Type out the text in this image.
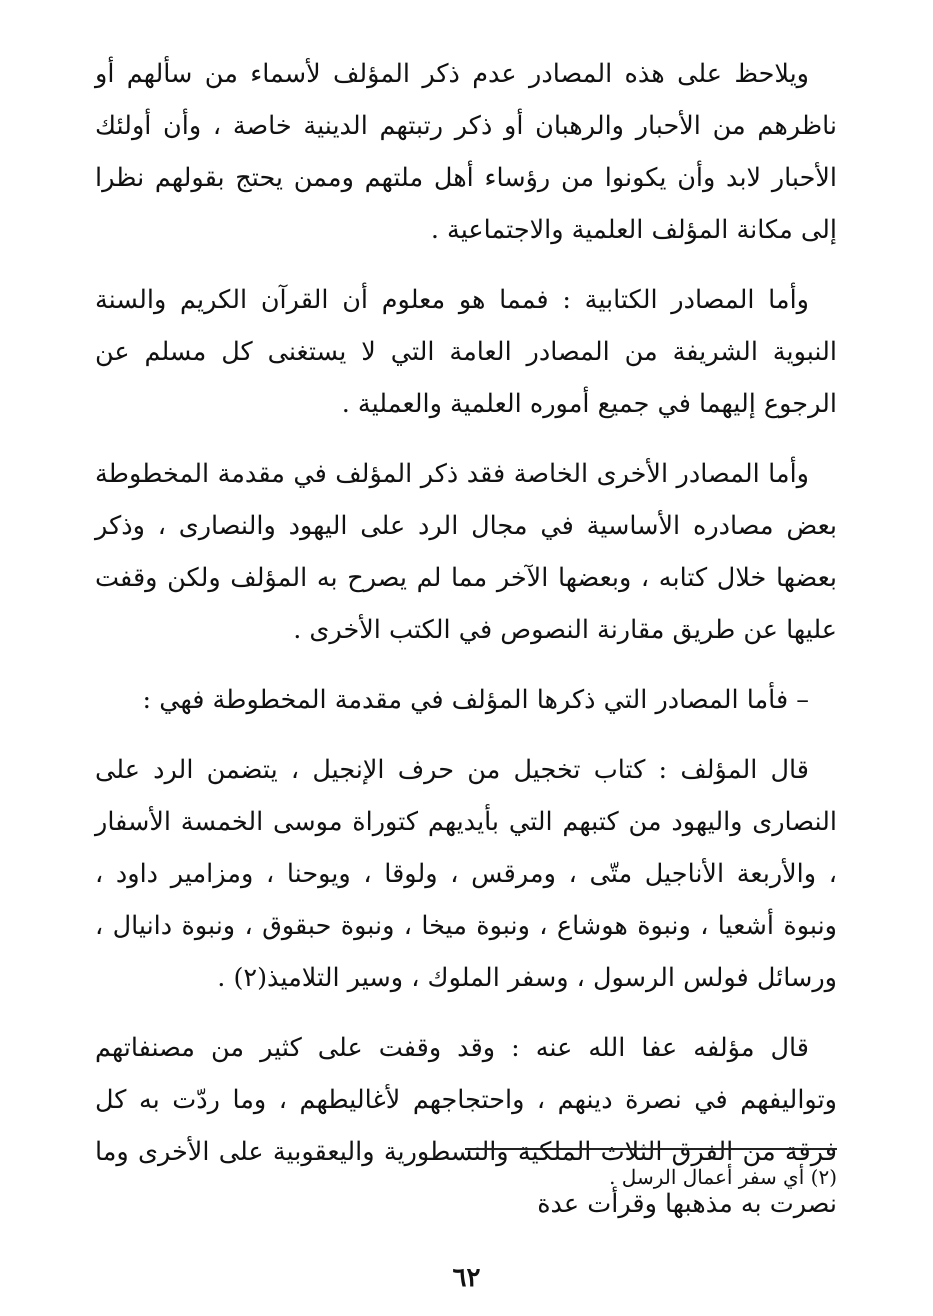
ويلاحظ على هذه المصادر عدم ذكر المؤلف لأسماء من سألهم أو ناظرهم من الأحبار والرهبان أو ذكر رتبتهم الدينية خاصة ، وأن أولئك الأحبار لابد وأن يكونوا من رؤساء أهل ملتهم وممن يحتج بقولهم نظرا إلى مكانة المؤلف العلمية والاجتماعية .

وأما المصادر الكتابية : فمما هو معلوم أن القرآن الكريم والسنة النبوية الشريفة من المصادر العامة التي لا يستغنى كل مسلم عن الرجوع إليهما في جميع أموره العلمية والعملية .

وأما المصادر الأخرى الخاصة فقد ذكر المؤلف في مقدمة المخطوطة بعض مصادره الأساسية في مجال الرد على اليهود والنصارى ، وذكر بعضها خلال كتابه ، وبعضها الآخر مما لم يصرح به المؤلف ولكن وقفت عليها عن طريق مقارنة النصوص في الكتب الأخرى .

– فأما المصادر التي ذكرها المؤلف في مقدمة المخطوطة فهي :

قال المؤلف : كتاب تخجيل من حرف الإنجيل ، يتضمن الرد على النصارى واليهود من كتبهم التي بأيديهم كتوراة موسى الخمسة الأسفار ، والأربعة الأناجيل متّى ، ومرقس ، ولوقا ، ويوحنا ، ومزامير داود ، ونبوة أشعيا ، ونبوة هوشاع ، ونبوة ميخا ، ونبوة حبقوق ، ونبوة دانيال ، ورسائل فولس الرسول ، وسفر الملوك ، وسير التلاميذ(٢) .

قال مؤلفه عفا الله عنه : وقد وقفت على كثير من مصنفاتهم وتواليفهم في نصرة دينهم ، واحتجاجهم لأغاليطهم ، وما ردّت به كل فرقة من الفرق الثلاث الملكية والنسطورية واليعقوبية على الأخرى وما نصرت به مذهبها وقرأت عدة

(٢) أي سفر أعمال الرسل .

٦٢
